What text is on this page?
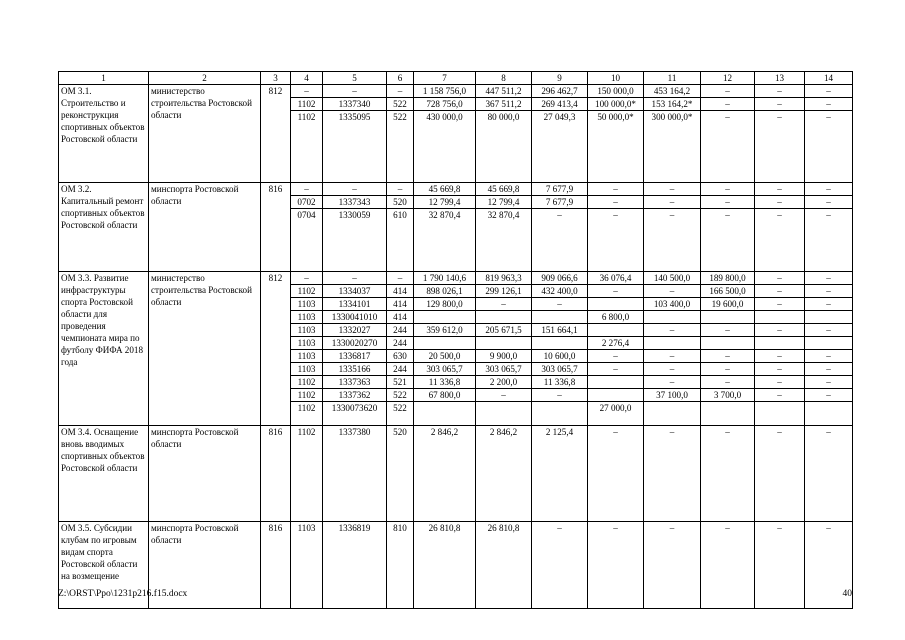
1	2	3	4	5	6	7	8	9	10	11	12	13	14
ОМ 3.1. Строительство и реконструкция спортивных объектов Ростовской области	министерство строительства Ростовской области	812	–	–	–	1 158 756,0	447 511,2	296 462,7	150 000,0	453 164,2	–	–	–
			1102	1337340	522	728 756,0	367 511,2	269 413,4	100 000,0*	153 164,2*	–	–	–
			1102	1335095	522	430 000,0	80 000,0	27 049,3	50 000,0*	300 000,0*	–	–	–
ОМ 3.2. Капитальный ремонт спортивных объектов Ростовской области	минспорта Ростовской области	816	–	–	–	45 669,8	45 669,8	7 677,9	–	–	–	–	–
			0702	1337343	520	12 799,4	12 799,4	7 677,9	–	–	–	–	–
			0704	1330059	610	32 870,4	32 870,4	–	–	–	–	–	–
ОМ 3.3. Развитие инфраструктуры спорта Ростовской области для проведения чемпионата мира по футболу ФИФА 2018 года	министерство строительства Ростовской области	812	–	–	–	1 790 140,6	819 963,3	909 066,6	36 076,4	140 500,0	189 800,0	–	–
			1102	1334037	414	898 026,1	299 126,1	432 400,0	–	–	166 500,0	–	–
			1103	1334101	414	129 800,0	–	–		103 400,0	19 600,0	–	–
			1103	1330041010	414				6 800,0				
			1103	1332027	244	359 612,0	205 671,5	151 664,1		–	–	–	–
			1103	1330020270	244				2 276,4				
			1103	1336817	630	20 500,0	9 900,0	10 600,0	–	–	–	–	–
			1103	1335166	244	303 065,7	303 065,7	303 065,7	–	–	–	–	–
			1102	1337363	521	11 336,8	2 200,0	11 336,8		–	–	–	–
			1102	1337362	522	67 800,0	–	–		37 100,0	3 700,0	–	–
			1102	1330073620	522				27 000,0				
ОМ 3.4. Оснащение вновь вводимых спортивных объектов Ростовской области	минспорта Ростовской области	816	1102	1337380	520	2 846,2	2 846,2	2 125,4	–	–	–	–	–
ОМ 3.5. Субсидии клубам по игровым видам спорта Ростовской области на возмещение	минспорта Ростовской области	816	1103	1336819	810	26 810,8	26 810,8	–	–	–	–	–	–
Z:\ORST\Ppo\1231p216.f15.docx	40
